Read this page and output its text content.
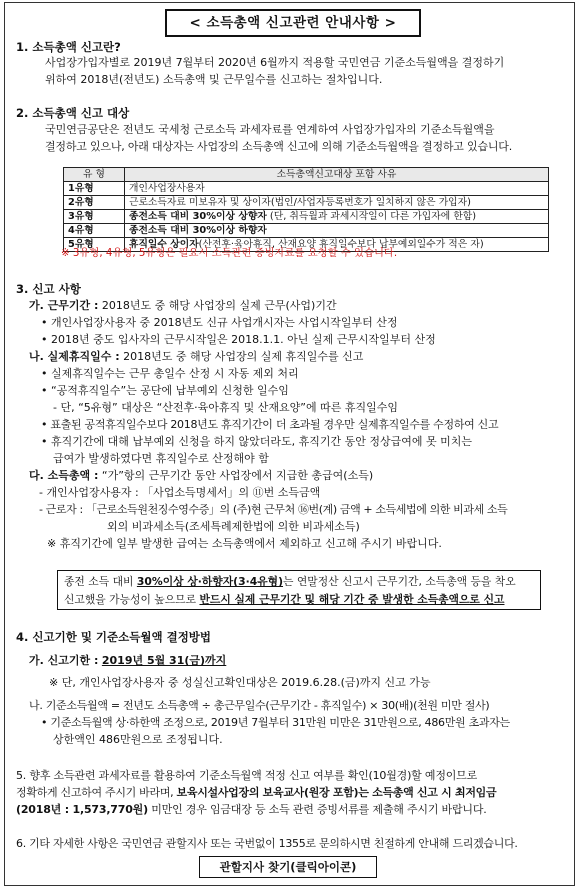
< 소득총액 신고관련 안내사항 >
1. 소득총액 신고란?
사업장가입자별로 2019년 7월부터 2020년 6월까지 적용할 국민연금 기준소득월액을 결정하기
위하여 2018년(전년도) 소득총액 및 근무일수를 신고하는 절차입니다.
2. 소득총액 신고 대상
국민연금공단은 전년도 국세청 근로소득 과세자료를 연계하여 사업장가입자의 기준소득월액을
결정하고 있으나, 아래 대상자는 사업장의 소득총액 신고에 의해 기준소득월액을 결정하고 있습니다.
유 형	소득총액신고대상 포함 사유
1유형	개인사업장사용자
2유형	근로소득자료 미보유자 및 상이자(법인/사업자등록번호가 일치하지 않은 가입자)
3유형	종전소득 대비 30%이상 상향자 (단, 취득월과 과세시작일이 다른 가입자에 한함)
4유형	종전소득 대비 30%이상 하향자
5유형	휴직일수 상이자(산전후·육아휴직, 산재요양 휴직일수보다 납부예외일수가 적은 자)
※ 3유형, 4유형, 5유형은 필요시 소득관련 증빙자료를 요청할 수 있습니다.
3. 신고 사항
가. 근무기간 : 2018년도 중 해당 사업장의 실제 근무(사업)기간
• 개인사업장사용자 중 2018년도 신규 사업개시자는 사업시작일부터 산정
• 2018년 중도 입사자의 근무시작일은 2018.1.1. 아닌 실제 근무시작일부터 산정
나. 실제휴직일수 : 2018년도 중 해당 사업장의 실제 휴직일수를 신고
• 실제휴직일수는 근무 총일수 산정 시 자동 제외 처리
• “공적휴직일수”는 공단에 납부예외 신청한 일수임
- 단, “5유형” 대상은 “산전후·육아휴직 및 산재요양”에 따른 휴직일수임
• 표출된 공적휴직일수보다 2018년도 휴직기간이 더 초과될 경우만 실제휴직일수를 수정하여 신고
• 휴직기간에 대해 납부예외 신청을 하지 않았더라도, 휴직기간 동안 정상급여에 못 미치는
급여가 발생하였다면 휴직일수로 산정해야 함
다. 소득총액 : “가”항의 근무기간 동안 사업장에서 지급한 총급여(소득)
- 개인사업장사용자 : 「사업소득명세서」의 ⑪번 소득금액
- 근로자 : 「근로소득원천징수영수증」의 (주)현 근무처 ⑯번(계) 금액 + 소득세법에 의한 비과세 소득
외의 비과세소득(조세특례제한법에 의한 비과세소득)
※ 휴직기간에 일부 발생한 급여는 소득총액에서 제외하고 신고해 주시기 바랍니다.
종전 소득 대비 30%이상 상·하향자(3·4유형)는 연말정산 신고시 근무기간, 소득총액 등을 착오
신고했을 가능성이 높으므로 반드시 실제 근무기간 및 해당 기간 중 발생한 소득총액으로 신고
4. 신고기한 및 기준소득월액 결정방법
가. 신고기한 : 2019년 5월 31(금)까지
※ 단, 개인사업장사용자 중 성실신고확인대상은 2019.6.28.(금)까지 신고 가능
나. 기준소득월액 = 전년도 소득총액 ÷ 총근무일수(근무기간 - 휴직일수) × 30(배)(천원 미만 절사)
• 기준소득월액 상·하한액 조정으로, 2019년 7월부터 31만원 미만은 31만원으로, 486만원 초과자는
상한액인 486만원으로 조정됩니다.
5. 향후 소득관련 과세자료를 활용하여 기준소득월액 적정 신고 여부를 확인(10월경)할 예정이므로
정확하게 신고하여 주시기 바라며, 보육시설사업장의 보육교사(원장 포함)는 소득총액 신고 시 최저임금
(2018년 : 1,573,770원) 미만인 경우 임금대장 등 소득 관련 증빙서류를 제출해 주시기 바랍니다.
6. 기타 자세한 사항은 국민연금 관할지사 또는 국번없이 1355로 문의하시면 친절하게 안내해 드리겠습니다.
관할지사 찾기(클릭아이콘)
